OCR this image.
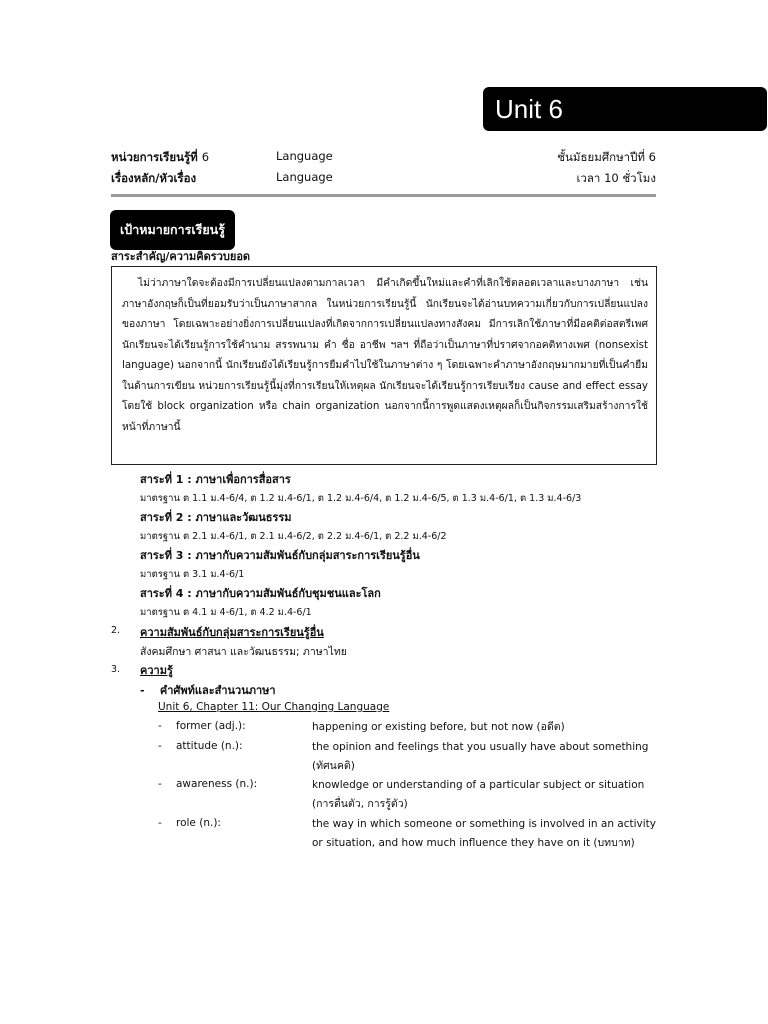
Unit 6
หน่วยการเรียนรู้ที่ 6	Language	ชั้นมัธยมศึกษาปีที่ 6
เรื่องหลัก/หัวเรื่อง	Language	เวลา 10 ชั่วโมง
เป้าหมายการเรียนรู้
สาระสำคัญ/ความคิดรวบยอด

ไม่ว่าภาษาใดจะต้องมีการเปลี่ยนแปลงตามกาลเวลา มีคำเกิดขึ้นใหม่และคำที่เลิกใช้ตลอดเวลาและบางภาษา เช่น ภาษาอังกฤษก็เป็นที่ยอมรับว่าเป็นภาษาสากล ในหน่วยการเรียนรู้นี้ นักเรียนจะได้อ่านบทความเกี่ยวกับการเปลี่ยนแปลงของภาษา โดยเฉพาะอย่างยิ่งการเปลี่ยนแปลงที่เกิดจากการเปลี่ยนแปลงทางสังคม มีการเลิกใช้ภาษาที่มีอคติต่อสตรีเพศ นักเรียนจะได้เรียนรู้การใช้คำนาม สรรพนาม คำ ชื่อ อาชีพ ฯลฯ ที่ถือว่าเป็นภาษาที่ปราศจากอคติทางเพศ (nonsexist language) นอกจากนี้ นักเรียนยังได้เรียนรู้การยืมคำไปใช้ในภาษาต่าง ๆ โดยเฉพาะคำภาษาอังกฤษมากมายที่เป็นคำยืม ในด้านการเขียน หน่วยการเรียนรู้นี้มุ่งที่การเรียนให้เหตุผล นักเรียนจะได้เรียนรู้การเรียบเรียง cause and effect essay โดยใช้ block organization หรือ chain organization นอกจากนี้การพูดแสดงเหตุผลก็เป็นกิจกรรมเสริมสร้างการใช้หน้าที่ภาษานี้

สาระที่ 1 : ภาษาเพื่อการสื่อสาร
มาตรฐาน ต 1.1 ม.4-6/4, ต 1.2 ม.4-6/1, ต 1.2 ม.4-6/4, ต 1.2 ม.4-6/5, ต 1.3 ม.4-6/1, ต 1.3 ม.4-6/3
สาระที่ 2 : ภาษาและวัฒนธรรม
มาตรฐาน ต 2.1 ม.4-6/1, ต 2.1 ม.4-6/2, ต 2.2 ม.4-6/1, ต 2.2 ม.4-6/2
สาระที่ 3 : ภาษากับความสัมพันธ์กับกลุ่มสาระการเรียนรู้อื่น
มาตรฐาน ต 3.1 ม.4-6/1
สาระที่ 4 : ภาษากับความสัมพันธ์กับชุมชนและโลก
มาตรฐาน ต 4.1 ม 4-6/1, ต 4.2 ม.4-6/1
2. ความสัมพันธ์กับกลุ่มสาระการเรียนรู้อื่น
สังคมศึกษา ศาสนา และวัฒนธรรม; ภาษาไทย
3. ความรู้
-    คำศัพท์และสำนวนภาษา
Unit 6, Chapter 11: Our Changing Language
- former (adj.):	happening or existing before, but not now (อดีต)
- attitude (n.):	the opinion and feelings that you usually have about something (ทัศนคติ)
- awareness (n.):	knowledge or understanding of a particular subject or situation (การตื่นตัว, การรู้ตัว)
- role (n.):	the way in which someone or something is involved in an activity or situation, and how much influence they have on it (บทบาท)
